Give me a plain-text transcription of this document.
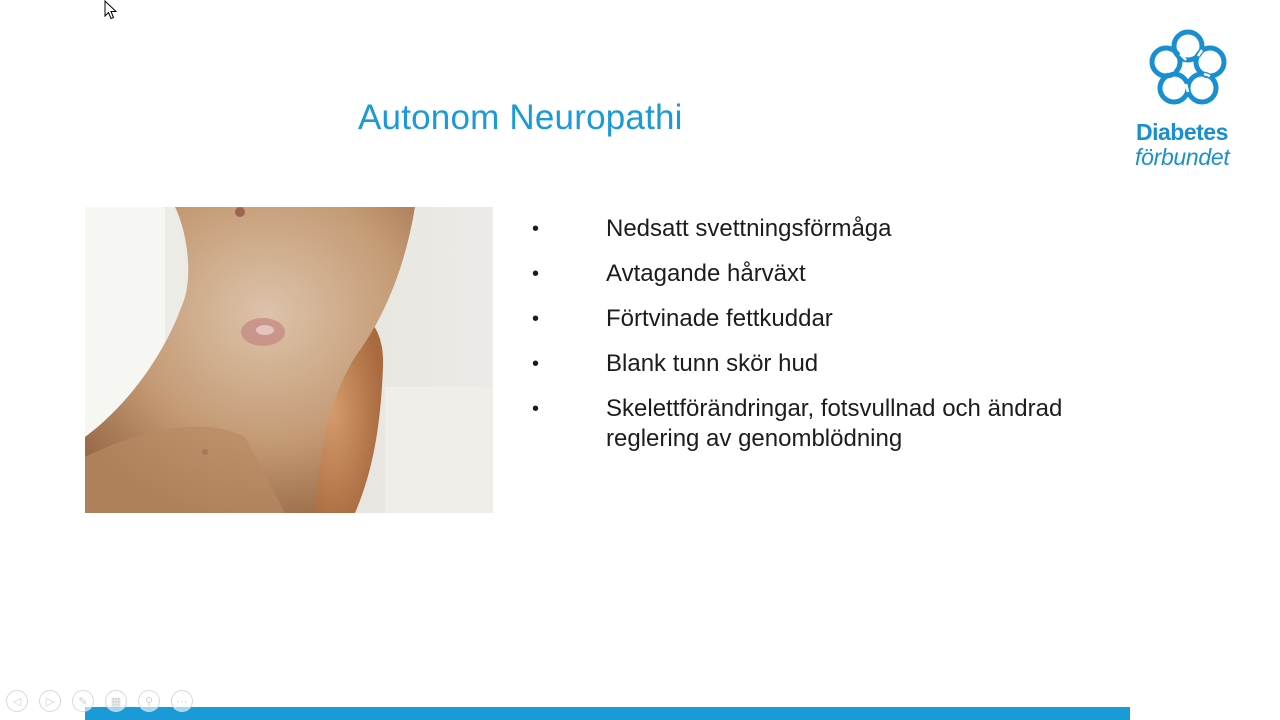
Autonom Neuropathi	Diabetes
förbundet
•	Nedsatt svettningsförmåga
•	Avtagande hårväxt
•	Förtvinade fettkuddar
•	Blank tunn skör hud
•	Skelettförändringar, fotsvullnad och ändrad reglering av genomblödning
◁	▷	✎	▦	⚲	⋯
